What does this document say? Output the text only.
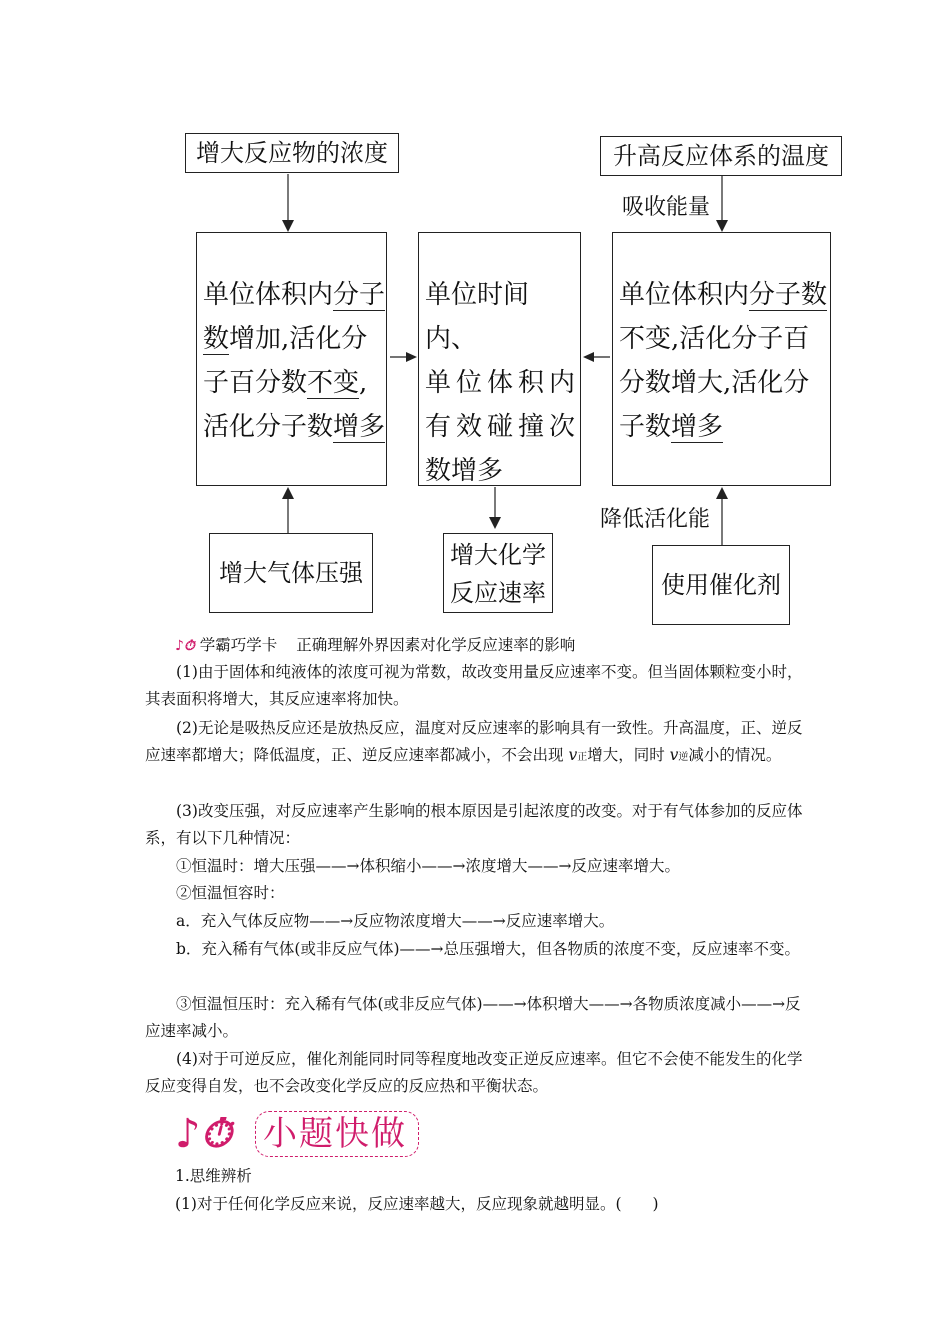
增大反应物的浓度	升高反应体系的温度
吸收能量
单位体积内分子
数增加,活化分
子百分数不变,
活化分子数增多
单位时间内、
单位体积内
有效碰撞次
数增多
单位体积内分子数
不变,活化分子百
分数增大,活化分
子数增多
降低活化能
增大气体压强
增大化学
反应速率	使用催化剂
♪⏱ 学霸巧学卡 正确理解外界因素对化学反应速率的影响
(1)由于固体和纯液体的浓度可视为常数，故改变用量反应速率不变。但当固体颗粒变小时，其表面积将增大，其反应速率将加快。
(2)无论是吸热反应还是放热反应，温度对反应速率的影响具有一致性。升高温度，正、逆反应速率都增大；降低温度，正、逆反应速率都减小，不会出现 v正增大，同时 v逆减小的情况。
(3)改变压强，对反应速率产生影响的根本原因是引起浓度的改变。对于有气体参加的反应体系，有以下几种情况：
①恒温时：增大压强——→体积缩小——→浓度增大——→反应速率增大。
②恒温恒容时：
a．充入气体反应物——→反应物浓度增大——→反应速率增大。
b．充入稀有气体(或非反应气体)——→总压强增大，但各物质的浓度不变，反应速率不变。
③恒温恒压时：充入稀有气体(或非反应气体)——→体积增大——→各物质浓度减小——→反应速率减小。
(4)对于可逆反应，催化剂能同时同等程度地改变正逆反应速率。但它不会使不能发生的化学反应变得自发，也不会改变化学反应的反应热和平衡状态。
♪⏱ 小题快做
1.思维辨析
(1)对于任何化学反应来说，反应速率越大，反应现象就越明显。(　　)
